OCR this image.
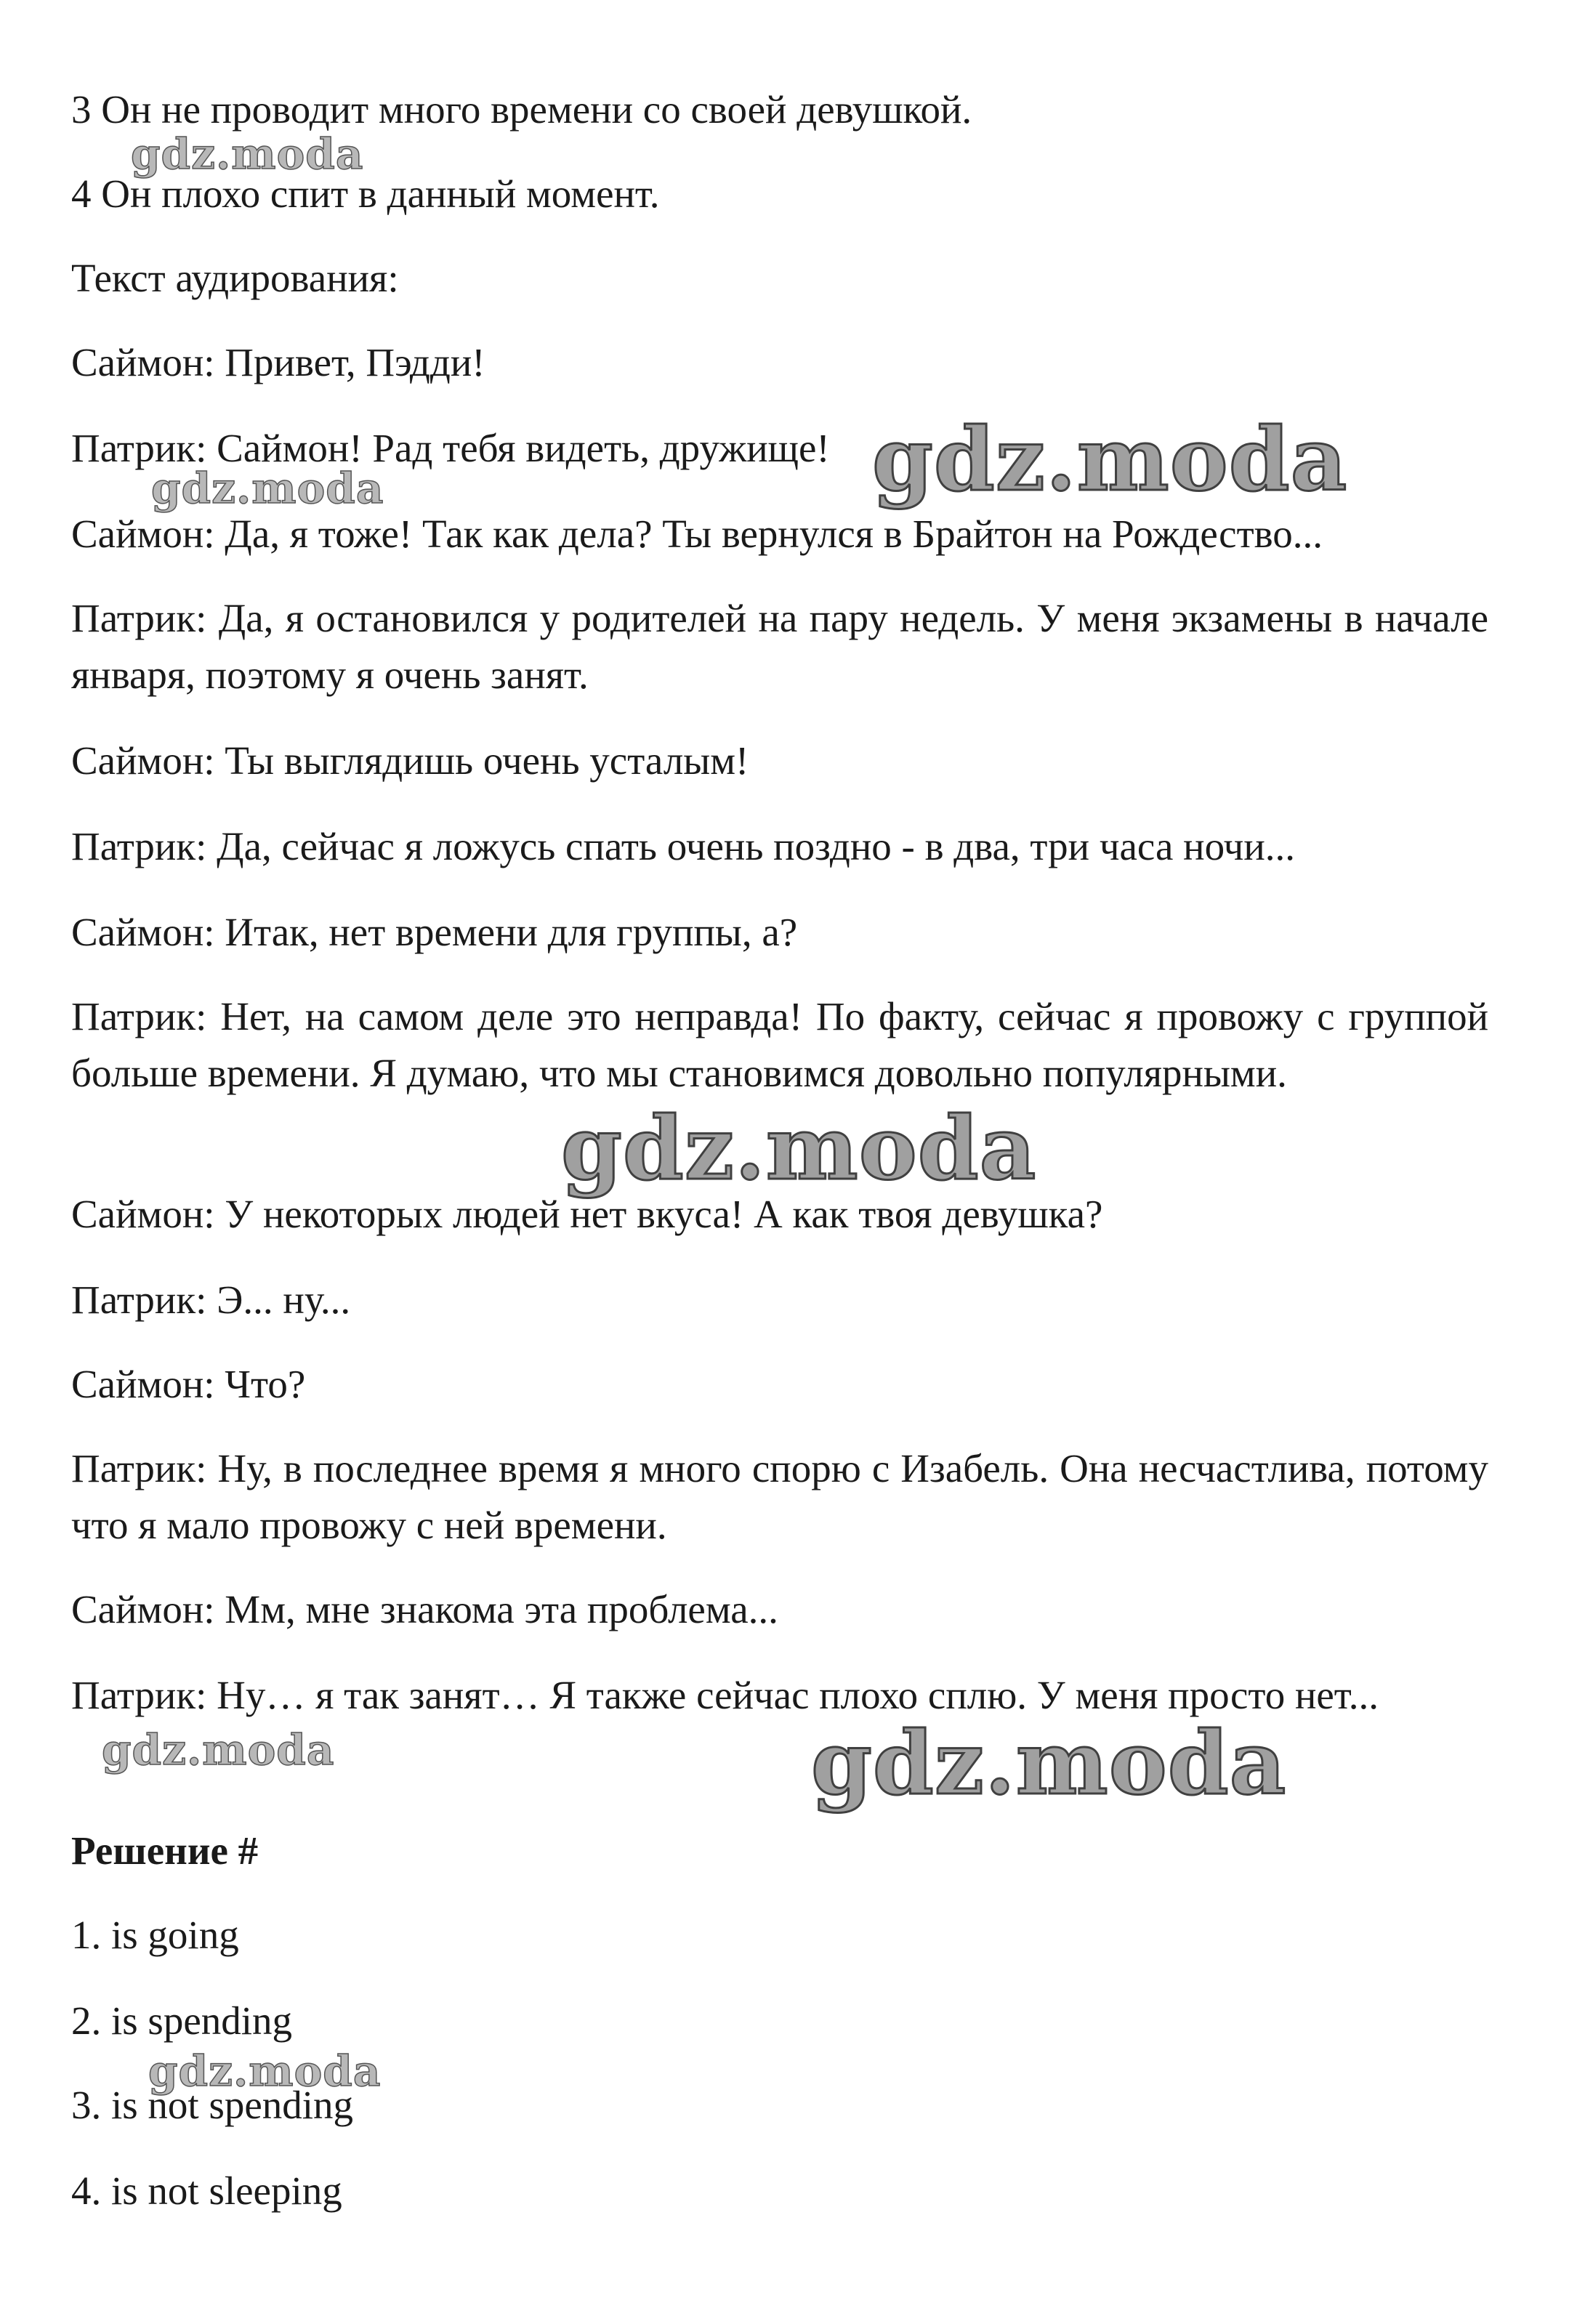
3 Он не проводит много времени со своей девушкой.

4 Он плохо спит в данный момент.

Текст аудирования:

Саймон: Привет, Пэдди!

Патрик: Саймон! Рад тебя видеть, дружище!

Саймон: Да, я тоже! Так как дела? Ты вернулся в Брайтон на Рождество...

Патрик: Да, я остановился у родителей на пару недель. У меня экзамены в начале января, поэтому я очень занят.

Саймон: Ты выглядишь очень усталым!

Патрик: Да, сейчас я ложусь спать очень поздно - в два, три часа ночи...

Саймон: Итак, нет времени для группы, а?

Патрик: Нет, на самом деле это неправда! По факту, сейчас я провожу с группой больше времени. Я думаю, что мы становимся довольно популярными.

Саймон: У некоторых людей нет вкуса! А как твоя девушка?

Патрик: Э... ну...

Саймон: Что?

Патрик: Ну, в последнее время я много спорю с Изабель. Она несчастлива, потому что я мало провожу с ней времени.

Саймон: Мм, мне знакома эта проблема...

Патрик: Ну… я так занят… Я также сейчас плохо сплю. У меня просто нет...

Решение #

1. is going

2. is spending

3. is not spending

4. is not sleeping

gdz.moda
gdz.moda
gdz.moda
gdz.moda
gdz.moda	gdz.moda
gdz.moda
